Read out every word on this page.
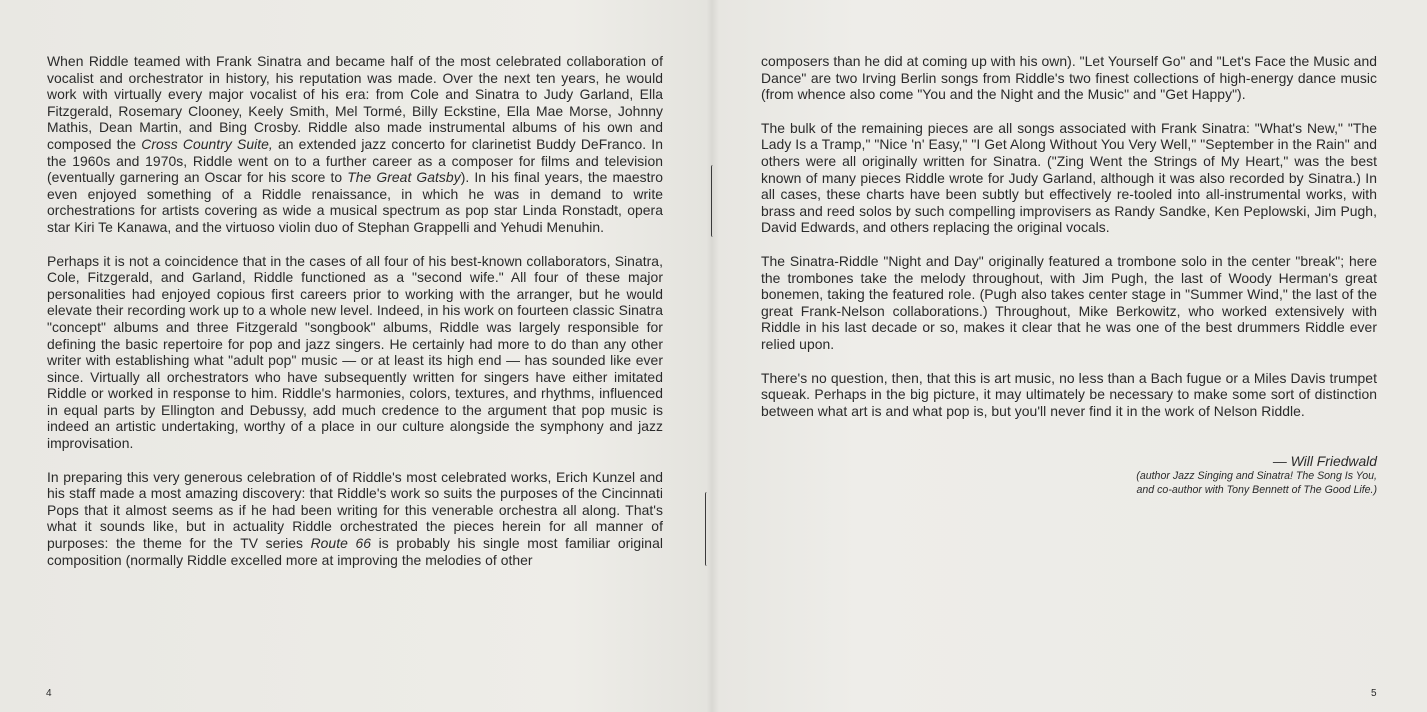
When Riddle teamed with Frank Sinatra and became half of the most celebrated collaboration of vocalist and orchestrator in history, his reputation was made. Over the next ten years, he would work with virtually every major vocalist of his era: from Cole and Sinatra to Judy Garland, Ella Fitzgerald, Rosemary Clooney, Keely Smith, Mel Tormé, Billy Eckstine, Ella Mae Morse, Johnny Mathis, Dean Martin, and Bing Crosby. Riddle also made instrumental albums of his own and composed the Cross Country Suite, an extended jazz concerto for clarinetist Buddy DeFranco. In the 1960s and 1970s, Riddle went on to a further career as a composer for films and television (eventually garnering an Oscar for his score to The Great Gatsby). In his final years, the maestro even enjoyed something of a Riddle renaissance, in which he was in demand to write orchestrations for artists covering as wide a musical spectrum as pop star Linda Ronstadt, opera star Kiri Te Kanawa, and the virtuoso violin duo of Stephan Grappelli and Yehudi Menuhin.

Perhaps it is not a coincidence that in the cases of all four of his best-known collaborators, Sinatra, Cole, Fitzgerald, and Garland, Riddle functioned as a "second wife." All four of these major personalities had enjoyed copious first careers prior to working with the arranger, but he would elevate their recording work up to a whole new level. Indeed, in his work on fourteen classic Sinatra "concept" albums and three Fitzgerald "songbook" albums, Riddle was largely responsible for defining the basic repertoire for pop and jazz singers. He certainly had more to do than any other writer with establishing what "adult pop" music — or at least its high end — has sounded like ever since. Virtually all orchestrators who have subsequently written for singers have either imitated Riddle or worked in response to him. Riddle's harmonies, colors, textures, and rhythms, influenced in equal parts by Ellington and Debussy, add much credence to the argument that pop music is indeed an artistic undertaking, worthy of a place in our culture alongside the symphony and jazz improvisation.

In preparing this very generous celebration of of Riddle's most celebrated works, Erich Kunzel and his staff made a most amazing discovery: that Riddle's work so suits the purposes of the Cincinnati Pops that it almost seems as if he had been writing for this venerable orchestra all along. That's what it sounds like, but in actuality Riddle orchestrated the pieces herein for all manner of purposes: the theme for the TV series Route 66 is probably his single most familiar original composition (normally Riddle excelled more at improving the melodies of other

composers than he did at coming up with his own). "Let Yourself Go" and "Let's Face the Music and Dance" are two Irving Berlin songs from Riddle's two finest collections of high-energy dance music (from whence also come "You and the Night and the Music" and "Get Happy").

The bulk of the remaining pieces are all songs associated with Frank Sinatra: "What's New," "The Lady Is a Tramp," "Nice 'n' Easy," "I Get Along Without You Very Well," "September in the Rain" and others were all originally written for Sinatra. ("Zing Went the Strings of My Heart," was the best known of many pieces Riddle wrote for Judy Garland, although it was also recorded by Sinatra.) In all cases, these charts have been subtly but effectively re-tooled into all-instrumental works, with brass and reed solos by such compelling improvisers as Randy Sandke, Ken Peplowski, Jim Pugh, David Edwards, and others replacing the original vocals.

The Sinatra-Riddle "Night and Day" originally featured a trombone solo in the center "break"; here the trombones take the melody throughout, with Jim Pugh, the last of Woody Herman's great bonemen, taking the featured role. (Pugh also takes center stage in "Summer Wind," the last of the great Frank-Nelson collaborations.) Throughout, Mike Berkowitz, who worked extensively with Riddle in his last decade or so, makes it clear that he was one of the best drummers Riddle ever relied upon.

There's no question, then, that this is art music, no less than a Bach fugue or a Miles Davis trumpet squeak. Perhaps in the big picture, it may ultimately be necessary to make some sort of distinction between what art is and what pop is, but you'll never find it in the work of Nelson Riddle.

— Will Friedwald
(author Jazz Singing and Sinatra! The Song Is You,
and co-author with Tony Bennett of The Good Life.)
4	5
